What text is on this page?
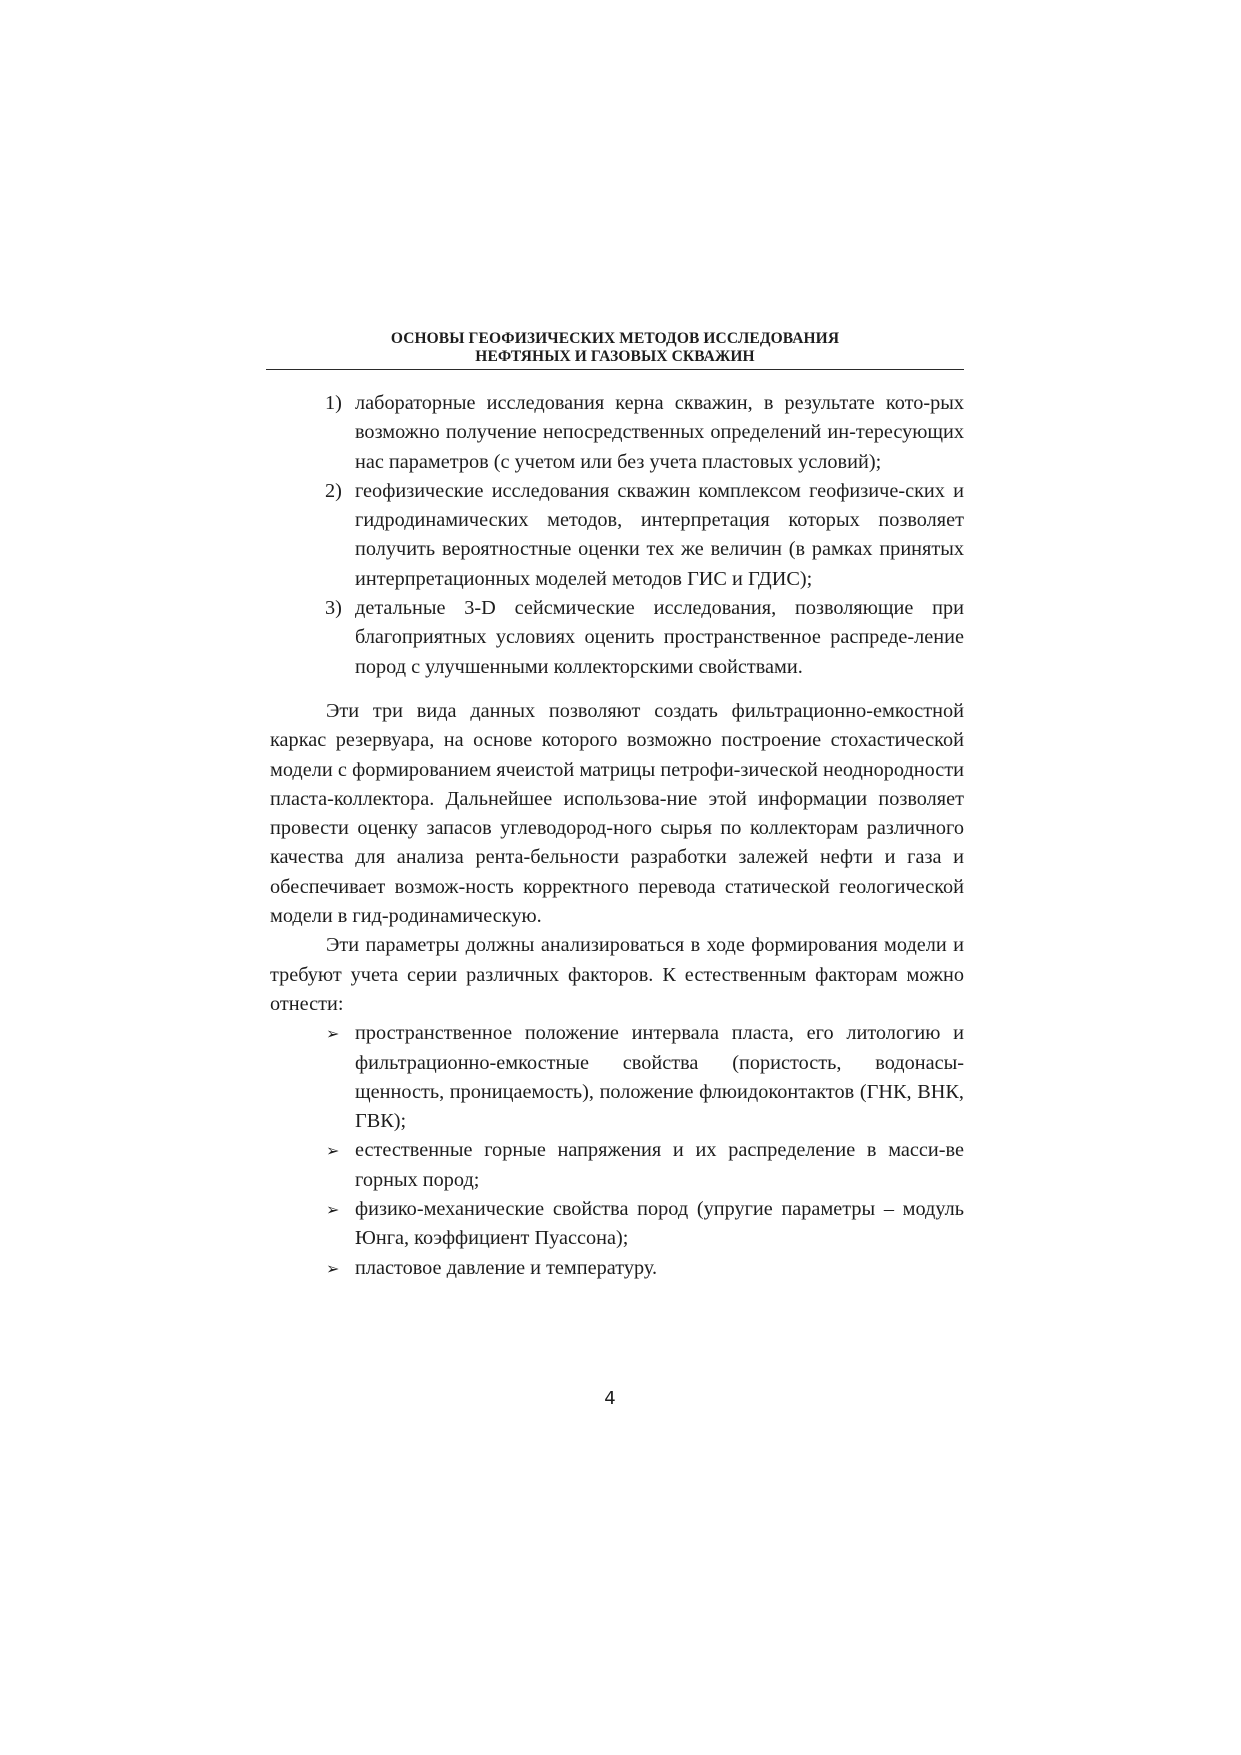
ОСНОВЫ ГЕОФИЗИЧЕСКИХ МЕТОДОВ ИССЛЕДОВАНИЯ
НЕФТЯНЫХ И ГАЗОВЫХ СКВАЖИН
1) лабораторные исследования керна скважин, в результате кото-рых возможно получение непосредственных определений ин-тересующих нас параметров (с учетом или без учета пластовых условий);
2) геофизические исследования скважин комплексом геофизиче-ских и гидродинамических методов, интерпретация которых позволяет получить вероятностные оценки тех же величин (в рамках принятых интерпретационных моделей методов ГИС и ГДИС);
3) детальные 3-D сейсмические исследования, позволяющие при благоприятных условиях оценить пространственное распреде-ление пород с улучшенными коллекторскими свойствами.

Эти три вида данных позволяют создать фильтрационно-емкостной каркас резервуара, на основе которого возможно построение стохастической модели с формированием ячеистой матрицы петрофи-зической неоднородности пласта-коллектора. Дальнейшее использова-ние этой информации позволяет провести оценку запасов углеводород-ного сырья по коллекторам различного качества для анализа рента-бельности разработки залежей нефти и газа и обеспечивает возмож-ность корректного перевода статической геологической модели в гид-родинамическую.

Эти параметры должны анализироваться в ходе формирования модели и требуют учета серии различных факторов. К естественным факторам можно отнести:

➢ пространственное положение интервала пласта, его литологию и фильтрационно-емкостные свойства (пористость, водонасы-щенность, проницаемость), положение флюидоконтактов (ГНК, ВНК, ГВК);
➢ естественные горные напряжения и их распределение в масси-ве горных пород;
➢ физико-механические свойства пород (упругие параметры – модуль Юнга, коэффициент Пуассона);
➢ пластовое давление и температуру.
4
